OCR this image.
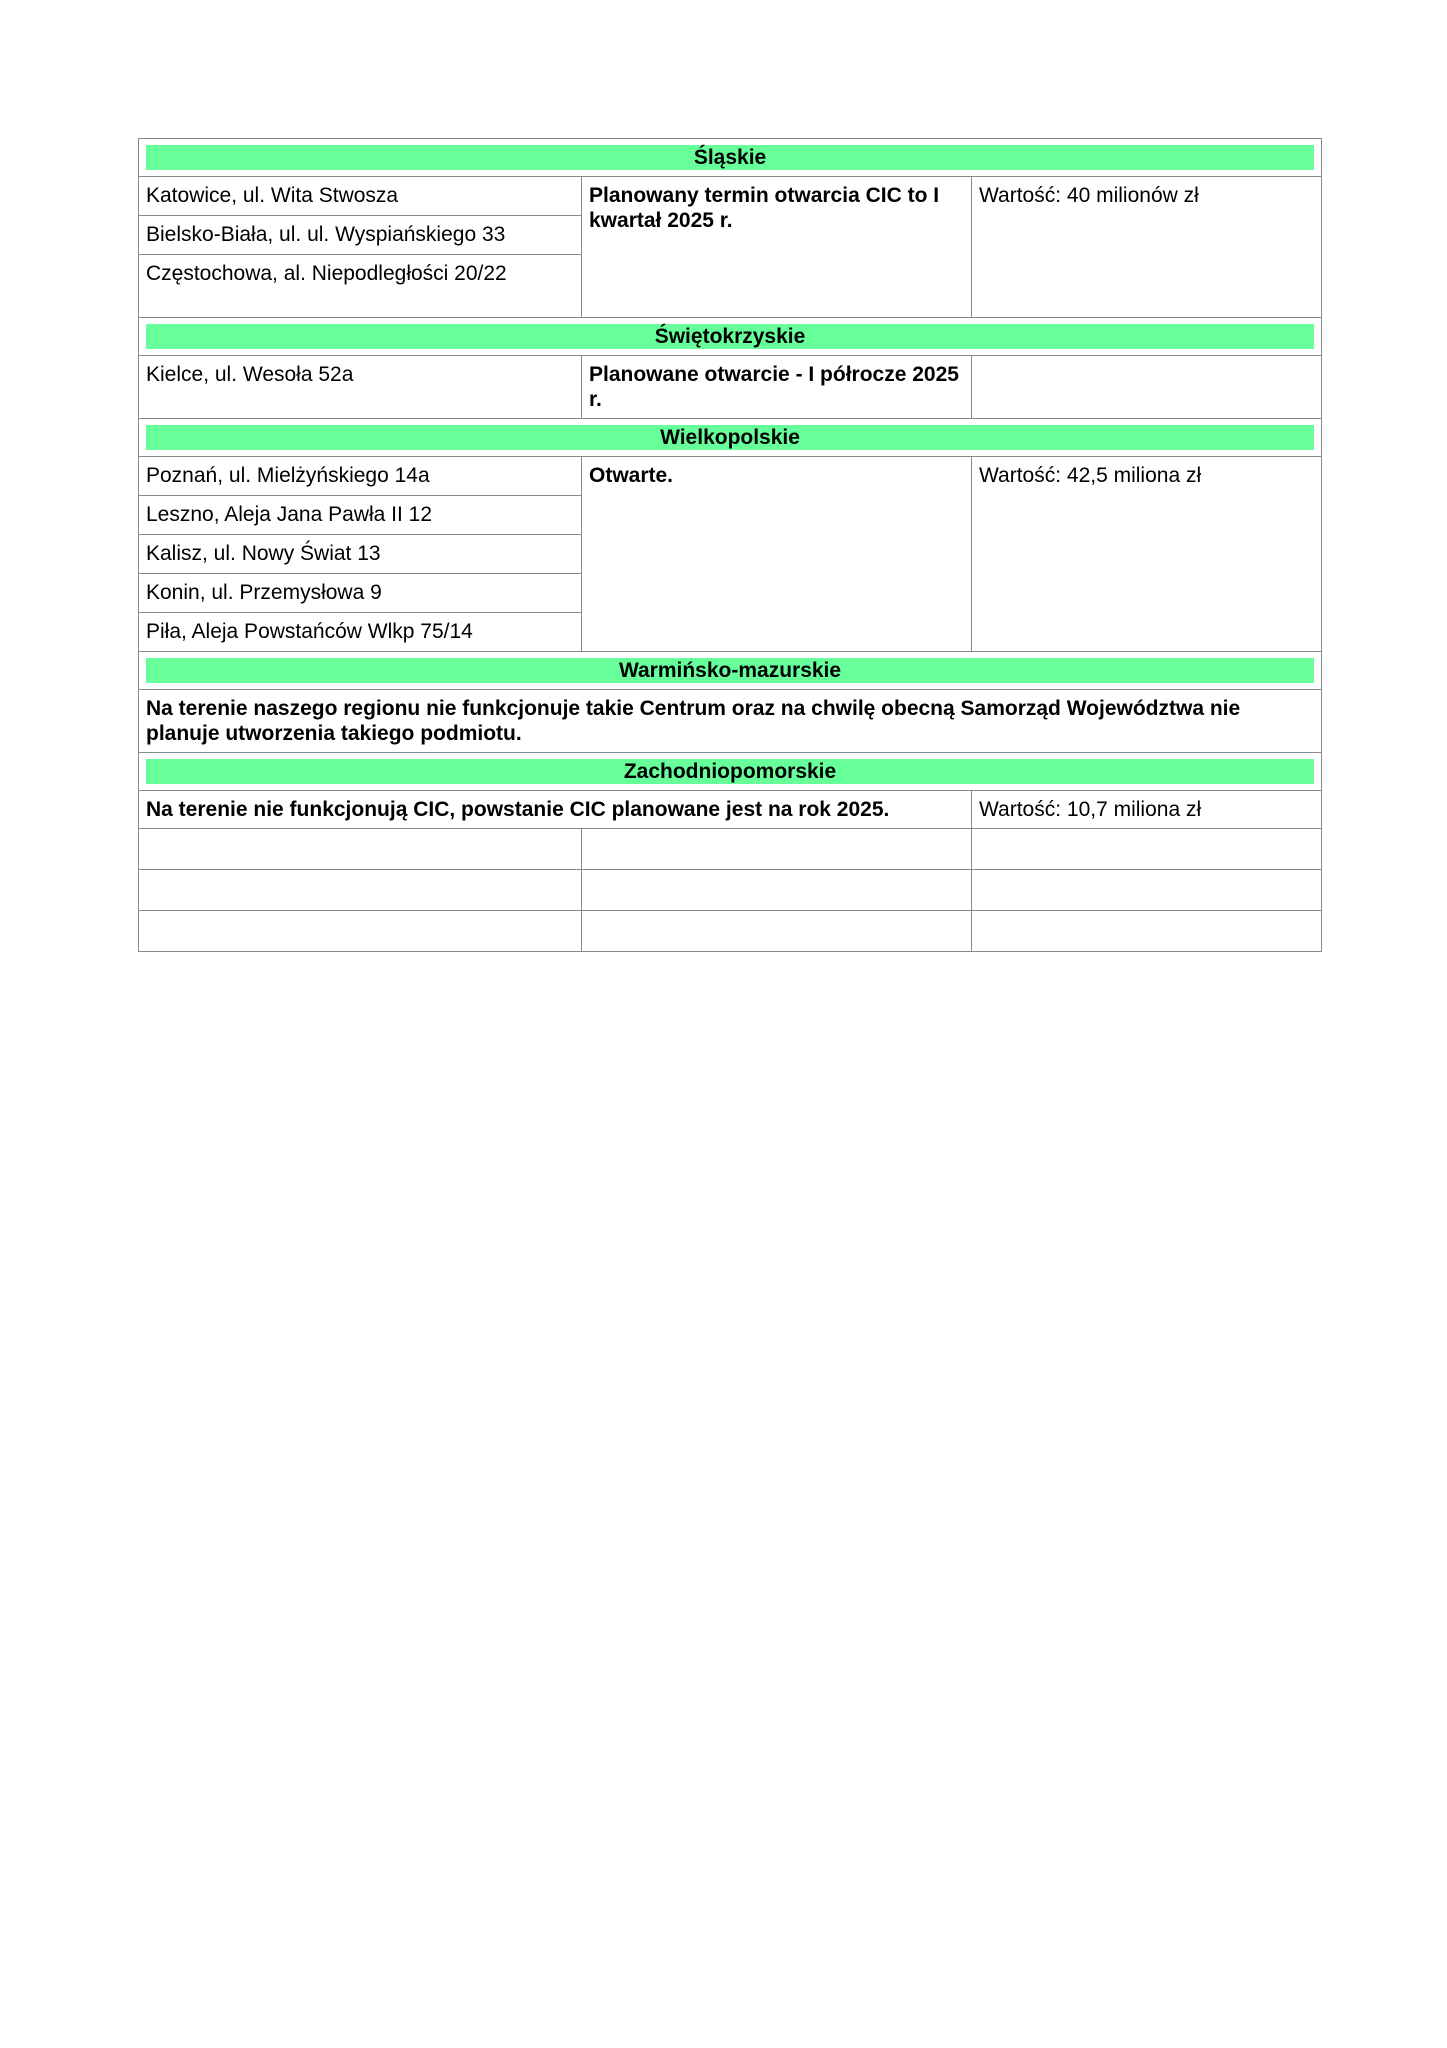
Śląskie		

Katowice, ul. Wita Stwosza	Planowany termin otwarcia CIC to I kwartał 2025 r.	Wartość: 40 milionów zł
Bielsko-Biała, ul. ul. Wyspiańskiego 33		
Częstochowa, al. Niepodległości 20/22		

Świętokrzyskie		

Kielce, ul. Wesoła 52a	Planowane otwarcie - I półrocze 2025 r.	

Wielkopolskie		

Poznań, ul. Mielżyńskiego 14a	Otwarte.	Wartość: 42,5 miliona zł
Leszno, Aleja Jana Pawła II 12		
Kalisz, ul. Nowy Świat 13		
Konin, ul. Przemysłowa 9		
Piła, Aleja Powstańców Wlkp 75/14		

Warmińsko-mazurskie		

Na terenie naszego regionu nie funkcjonuje takie Centrum oraz na chwilę obecną Samorząd Województwa nie planuje utworzenia takiego podmiotu.		

Zachodniopomorskie		

Na terenie nie funkcjonują CIC, powstanie CIC planowane jest na rok 2025.		Wartość: 10,7 miliona zł
